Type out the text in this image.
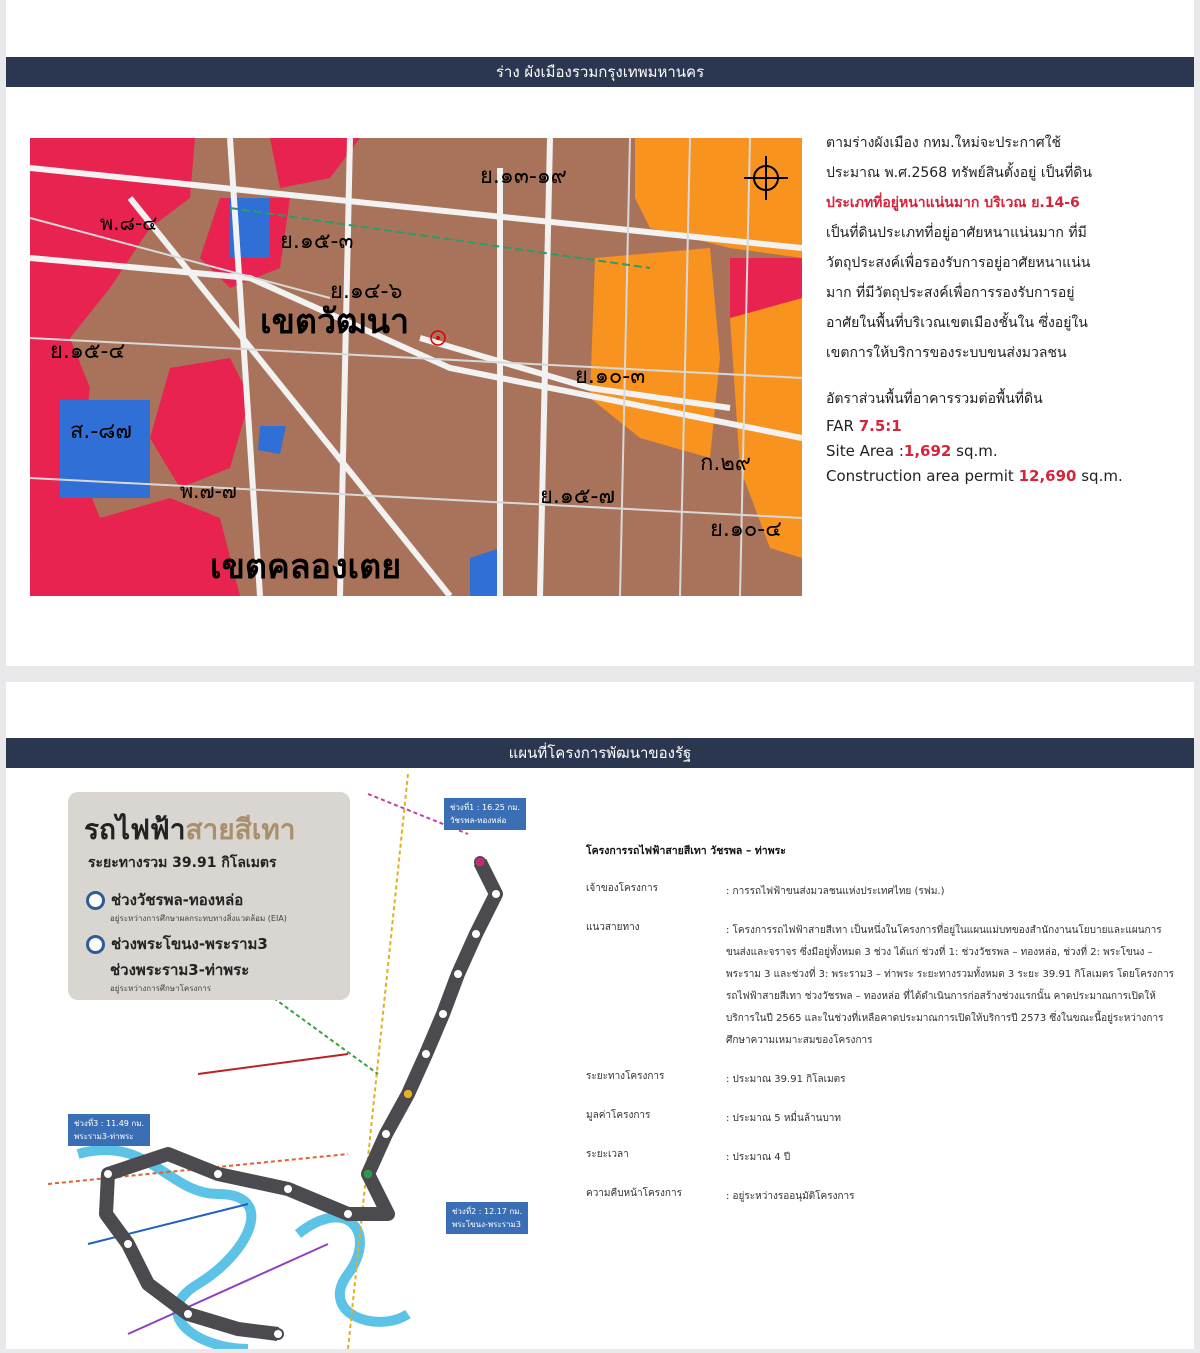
ร่าง ผังเมืองรวมกรุงเทพมหานคร
เขตวัฒนา
เขตคลองเตย
ย.๑๔-๖
ย.๑๓-๑๙
ย.๑๕-๓
ย.๑๐-๓
ย.๑๕-๗
ย.๑๐-๔
ก.๒๙
พ.๘-๔
ส.-๘๗
พ.๗-๗
ย.๑๕-๔

ตามร่างผังเมือง กทม.ใหม่จะประกาศใช้

ประมาณ พ.ศ.2568 ทรัพย์สินตั้งอยู่ เป็นที่ดิน

ประเภทที่อยู่หนาแน่นมาก บริเวณ ย.14-6

เป็นที่ดินประเภทที่อยู่อาศัยหนาแน่นมาก ที่มี

วัตถุประสงค์เพื่อรองรับการอยู่อาศัยหนาแน่น

มาก ที่มีวัตถุประสงค์เพื่อการรองรับการอยู่

อาศัยในพื้นที่บริเวณเขตเมืองชั้นใน ซึ่งอยู่ใน

เขตการให้บริการของระบบขนส่งมวลชน

อัตราส่วนพื้นที่อาคารรวมต่อพื้นที่ดิน

FAR 7.5:1
Site Area :1,692 sq.m.
Construction area permit 12,690 sq.m.
แผนที่โครงการพัฒนาของรัฐ
รถไฟฟ้าสายสีเทา
ระยะทางรวม 39.91 กิโลเมตร
ช่วงวัชรพล-ทองหล่อ
อยู่ระหว่างการศึกษาผลกระทบทางสิ่งแวดล้อม (EIA)
ช่วงพระโขนง-พระราม3
ช่วงพระราม3-ท่าพระ
อยู่ระหว่างการศึกษาโครงการ
ช่วงที่1 : 16.25 กม.
วัชรพล-ทองหล่อ
ช่วงที่2 : 12.17 กม.
พระโขนง-พระราม3
ช่วงที่3 : 11.49 กม.
พระราม3-ท่าพระ
โครงการรถไฟฟ้าสายสีเทา วัชรพล – ท่าพระ
เจ้าของโครงการ	: การรถไฟฟ้าขนส่งมวลชนแห่งประเทศไทย (รฟม.)
แนวสายทาง	: โครงการรถไฟฟ้าสายสีเทา เป็นหนึ่งในโครงการที่อยู่ในแผนแม่บทของสำนักงานนโยบายและแผนการขนส่งและจราจร ซึ่งมีอยู่ทั้งหมด 3 ช่วง ได้แก่ ช่วงที่ 1: ช่วงวัชรพล – ทองหล่อ, ช่วงที่ 2: พระโขนง – พระราม 3 และช่วงที่ 3: พระราม3 – ท่าพระ ระยะทางรวมทั้งหมด 3 ระยะ 39.91 กิโลเมตร โดยโครงการรถไฟฟ้าสายสีเทา ช่วงวัชรพล – ทองหล่อ ที่ได้ดำเนินการก่อสร้างช่วงแรกนั้น คาดประมาณการเปิดให้บริการในปี 2565 และในช่วงที่เหลือคาดประมาณการเปิดให้บริการปี 2573 ซึ่งในขณะนี้อยู่ระหว่างการศึกษาความเหมาะสมของโครงการ
ระยะทางโครงการ	: ประมาณ 39.91 กิโลเมตร
มูลค่าโครงการ	: ประมาณ 5 หมื่นล้านบาท
ระยะเวลา	: ประมาณ 4 ปี
ความคืบหน้าโครงการ	: อยู่ระหว่างรออนุมัติโครงการ
